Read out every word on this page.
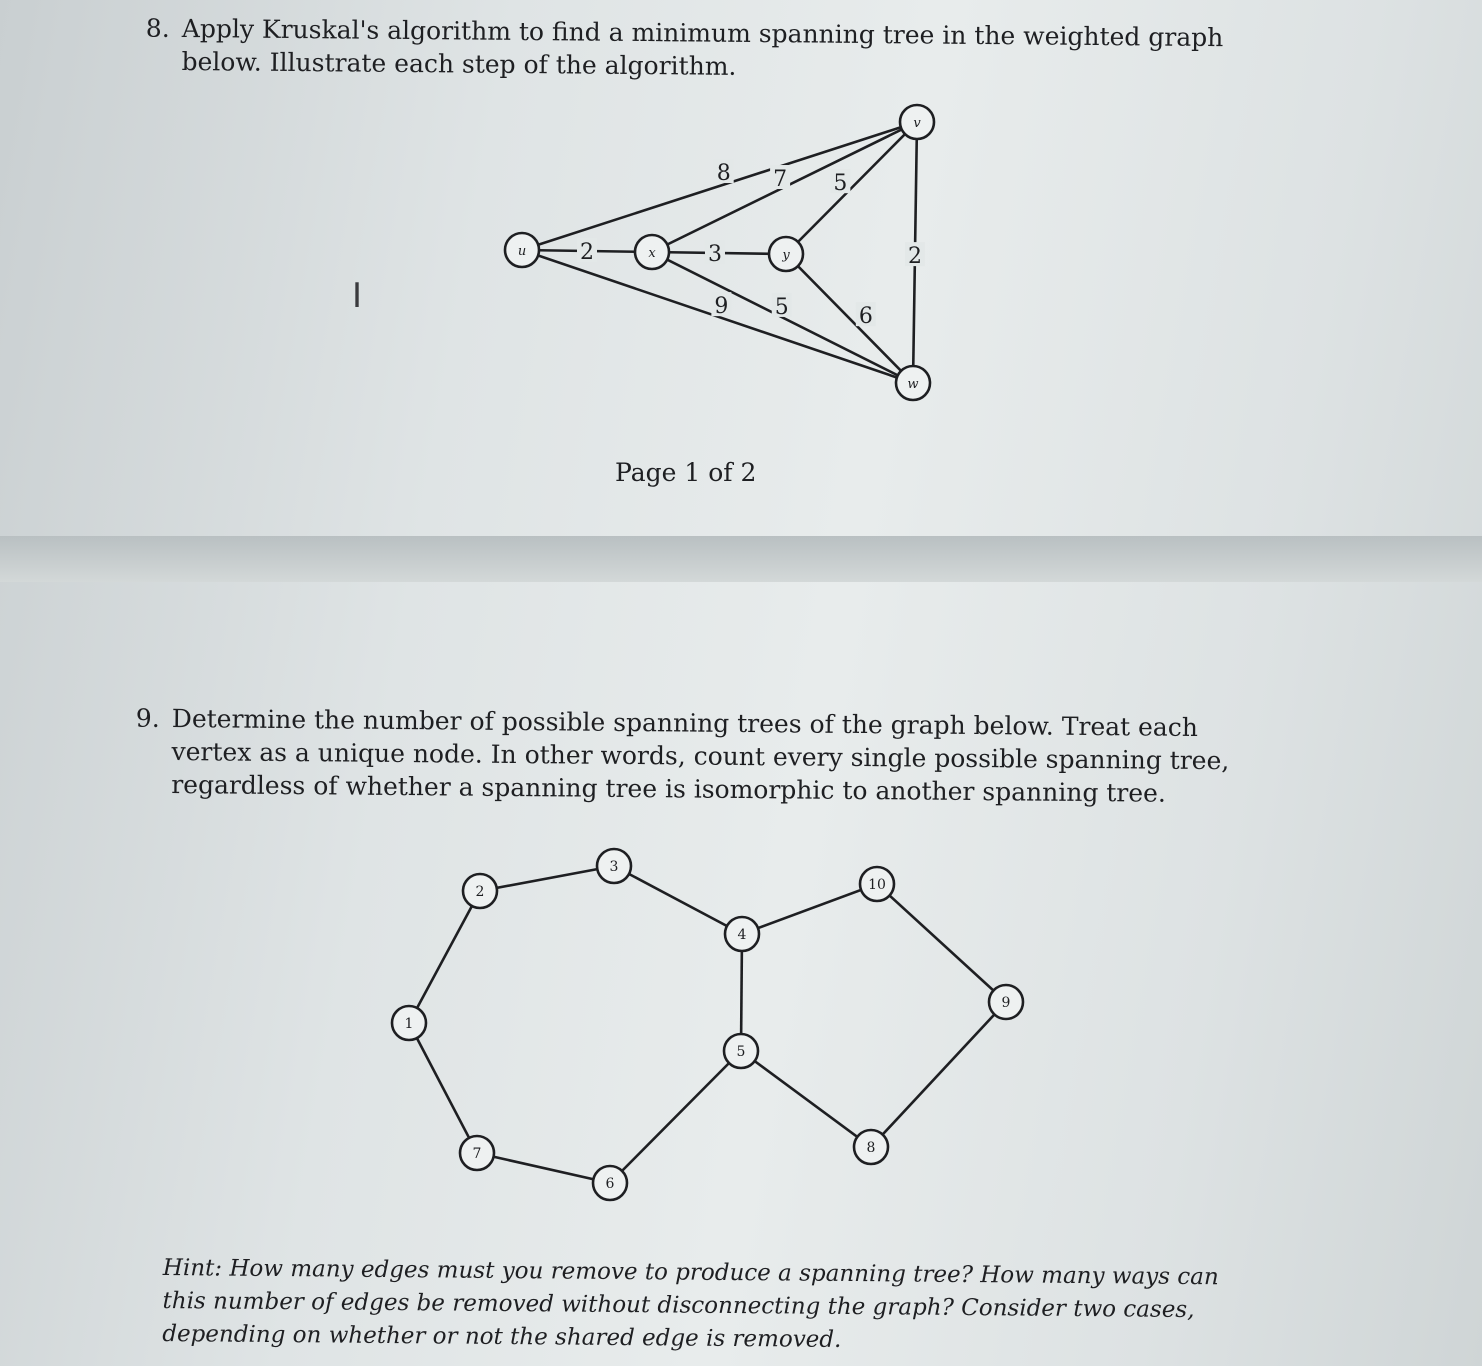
8. Apply Kruskal's algorithm to find a minimum spanning tree in the weighted graph below. Illustrate each step of the algorithm.

2
8
9
3
7
5
5
6
2
u	x	y
v
w
I
Page 1 of 2

9. Determine the number of possible spanning trees of the graph below. Treat each vertex as a unique node. In other words, count every single possible spanning tree, regardless of whether a spanning tree is isomorphic to another spanning tree.

1
2
3
4
5
6
7	8
9
10

Hint: How many edges must you remove to produce a spanning tree? How many ways can this number of edges be removed without disconnecting the graph? Consider two cases, depending on whether or not the shared edge is removed.
